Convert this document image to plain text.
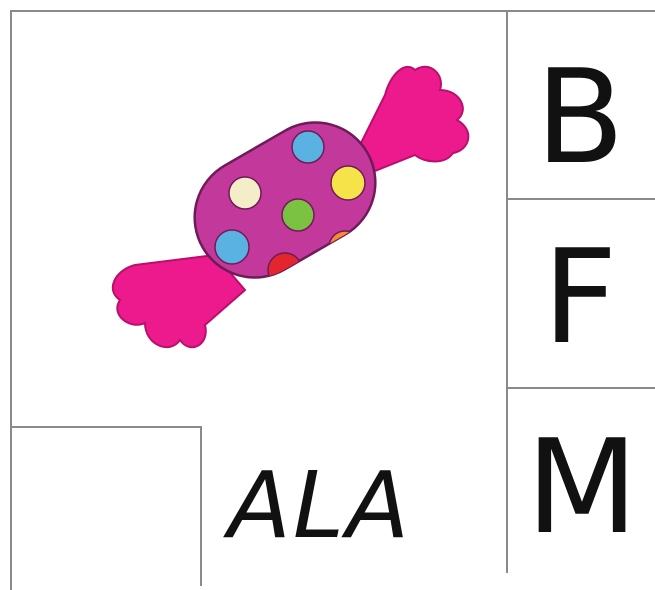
B
F
M
ALA
